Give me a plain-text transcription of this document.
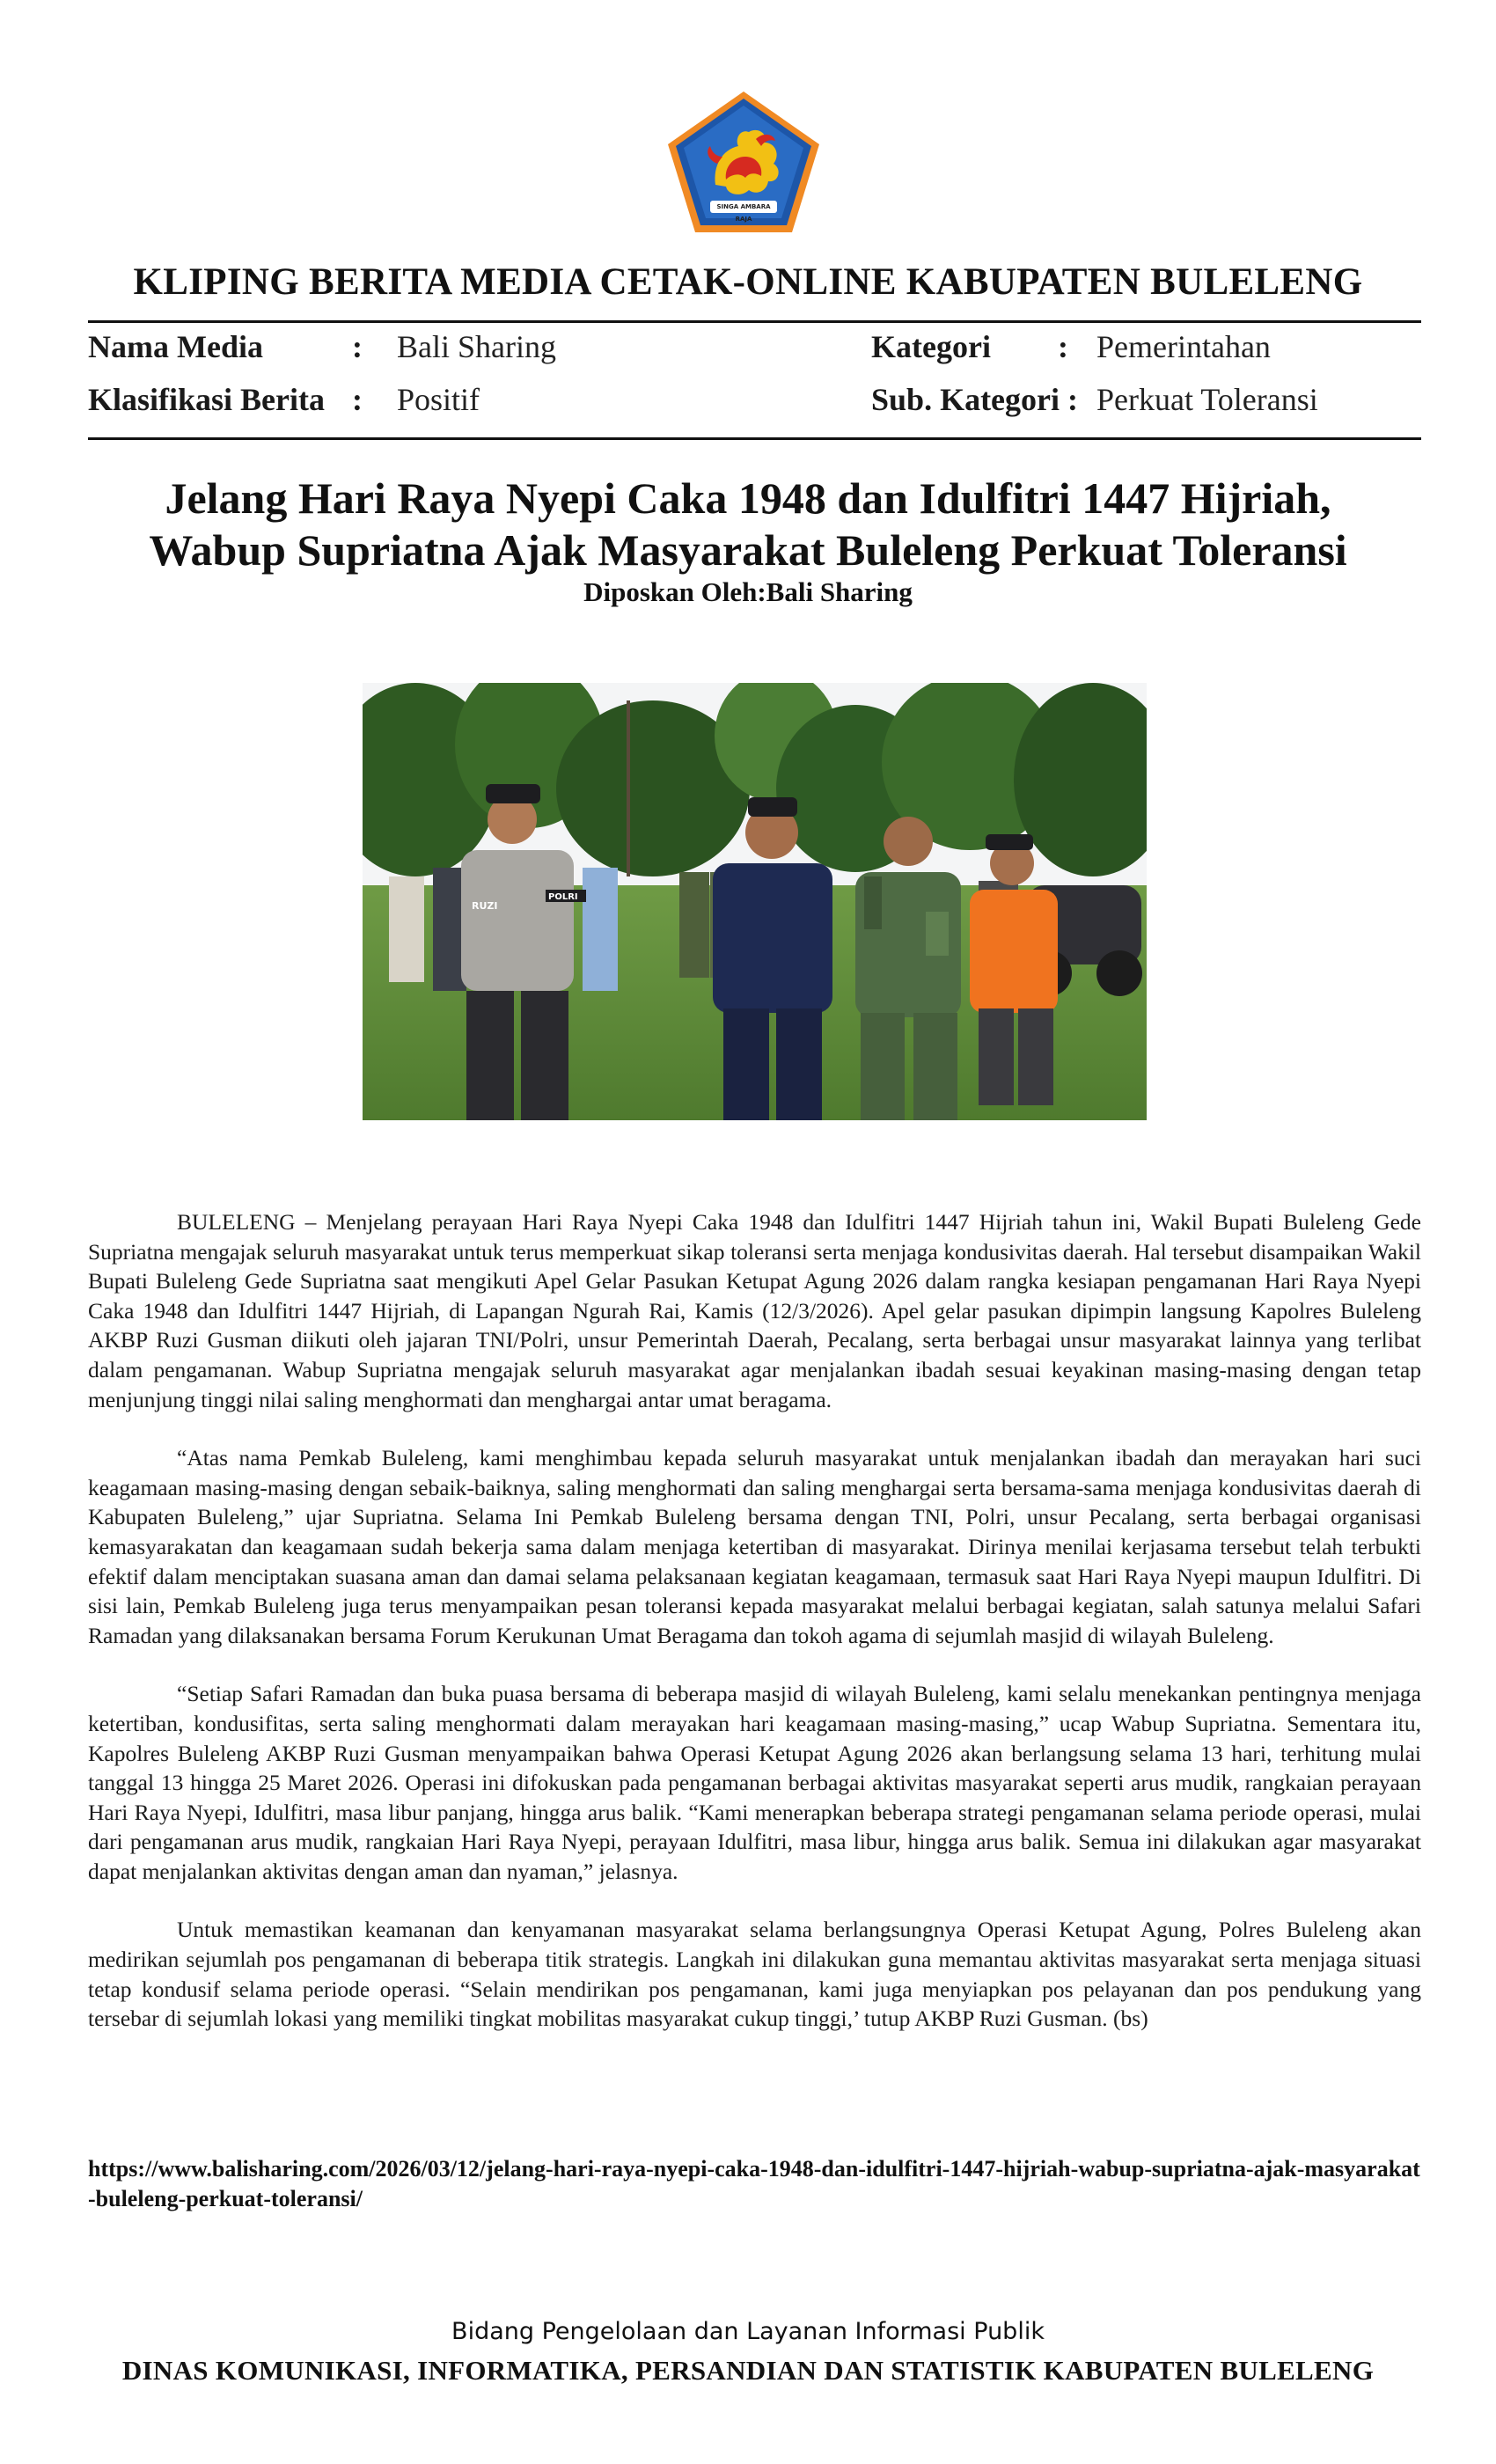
SINGA AMBARA RAJA
KLIPING BERITA MEDIA CETAK-ONLINE KABUPATEN BULELENG
Nama Media	: Bali Sharing	Kategori : Pemerintahan
Klasifikasi Berita : Positif	Sub. Kategori : Perkuat Toleransi
Jelang Hari Raya Nyepi Caka 1948 dan Idulfitri 1447 Hijriah,
Wabup Supriatna Ajak Masyarakat Buleleng Perkuat Toleransi
Diposkan Oleh:Bali Sharing
RUZI
POLRI

BULELENG – Menjelang perayaan Hari Raya Nyepi Caka 1948 dan Idulfitri 1447 Hijriah tahun ini, Wakil Bupati Buleleng Gede Supriatna mengajak seluruh masyarakat untuk terus memperkuat sikap toleransi serta menjaga kondusivitas daerah. Hal tersebut disampaikan Wakil Bupati Buleleng Gede Supriatna saat mengikuti Apel Gelar Pasukan Ketupat Agung 2026 dalam rangka kesiapan pengamanan Hari Raya Nyepi Caka 1948 dan Idulfitri 1447 Hijriah, di Lapangan Ngurah Rai, Kamis (12/3/2026). Apel gelar pasukan dipimpin langsung Kapolres Buleleng AKBP Ruzi Gusman diikuti oleh jajaran TNI/Polri, unsur Pemerintah Daerah, Pecalang, serta berbagai unsur masyarakat lainnya yang terlibat dalam pengamanan. Wabup Supriatna mengajak seluruh masyarakat agar menjalankan ibadah sesuai keyakinan masing-masing dengan tetap menjunjung tinggi nilai saling menghormati dan menghargai antar umat beragama.

“Atas nama Pemkab Buleleng, kami menghimbau kepada seluruh masyarakat untuk menjalankan ibadah dan merayakan hari suci keagamaan masing-masing dengan sebaik-baiknya, saling menghormati dan saling menghargai serta bersama-sama menjaga kondusivitas daerah di Kabupaten Buleleng,” ujar Supriatna. Selama Ini Pemkab Buleleng bersama dengan TNI, Polri, unsur Pecalang, serta berbagai organisasi kemasyarakatan dan keagamaan sudah bekerja sama dalam menjaga ketertiban di masyarakat. Dirinya menilai kerjasama tersebut telah terbukti efektif dalam menciptakan suasana aman dan damai selama pelaksanaan kegiatan keagamaan, termasuk saat Hari Raya Nyepi maupun Idulfitri. Di sisi lain, Pemkab Buleleng juga terus menyampaikan pesan toleransi kepada masyarakat melalui berbagai kegiatan, salah satunya melalui Safari Ramadan yang dilaksanakan bersama Forum Kerukunan Umat Beragama dan tokoh agama di sejumlah masjid di wilayah Buleleng.

“Setiap Safari Ramadan dan buka puasa bersama di beberapa masjid di wilayah Buleleng, kami selalu menekankan pentingnya menjaga ketertiban, kondusifitas, serta saling menghormati dalam merayakan hari keagamaan masing-masing,” ucap Wabup Supriatna. Sementara itu, Kapolres Buleleng AKBP Ruzi Gusman menyampaikan bahwa Operasi Ketupat Agung 2026 akan berlangsung selama 13 hari, terhitung mulai tanggal 13 hingga 25 Maret 2026. Operasi ini difokuskan pada pengamanan berbagai aktivitas masyarakat seperti arus mudik, rangkaian perayaan Hari Raya Nyepi, Idulfitri, masa libur panjang, hingga arus balik. “Kami menerapkan beberapa strategi pengamanan selama periode operasi, mulai dari pengamanan arus mudik, rangkaian Hari Raya Nyepi, perayaan Idulfitri, masa libur, hingga arus balik. Semua ini dilakukan agar masyarakat dapat menjalankan aktivitas dengan aman dan nyaman,” jelasnya.

Untuk memastikan keamanan dan kenyamanan masyarakat selama berlangsungnya Operasi Ketupat Agung, Polres Buleleng akan medirikan sejumlah pos pengamanan di beberapa titik strategis. Langkah ini dilakukan guna memantau aktivitas masyarakat serta menjaga situasi tetap kondusif selama periode operasi. “Selain mendirikan pos pengamanan, kami juga menyiapkan pos pelayanan dan pos pendukung yang tersebar di sejumlah lokasi yang memiliki tingkat mobilitas masyarakat cukup tinggi,’ tutup AKBP Ruzi Gusman. (bs)

https://www.balisharing.com/2026/03/12/jelang-hari-raya-nyepi-caka-1948-dan-idulfitri-1447-hijriah-wabup-supriatna-ajak-masyarakat-buleleng-perkuat-toleransi/
Bidang Pengelolaan dan Layanan Informasi Publik
DINAS KOMUNIKASI, INFORMATIKA, PERSANDIAN DAN STATISTIK KABUPATEN BULELENG
